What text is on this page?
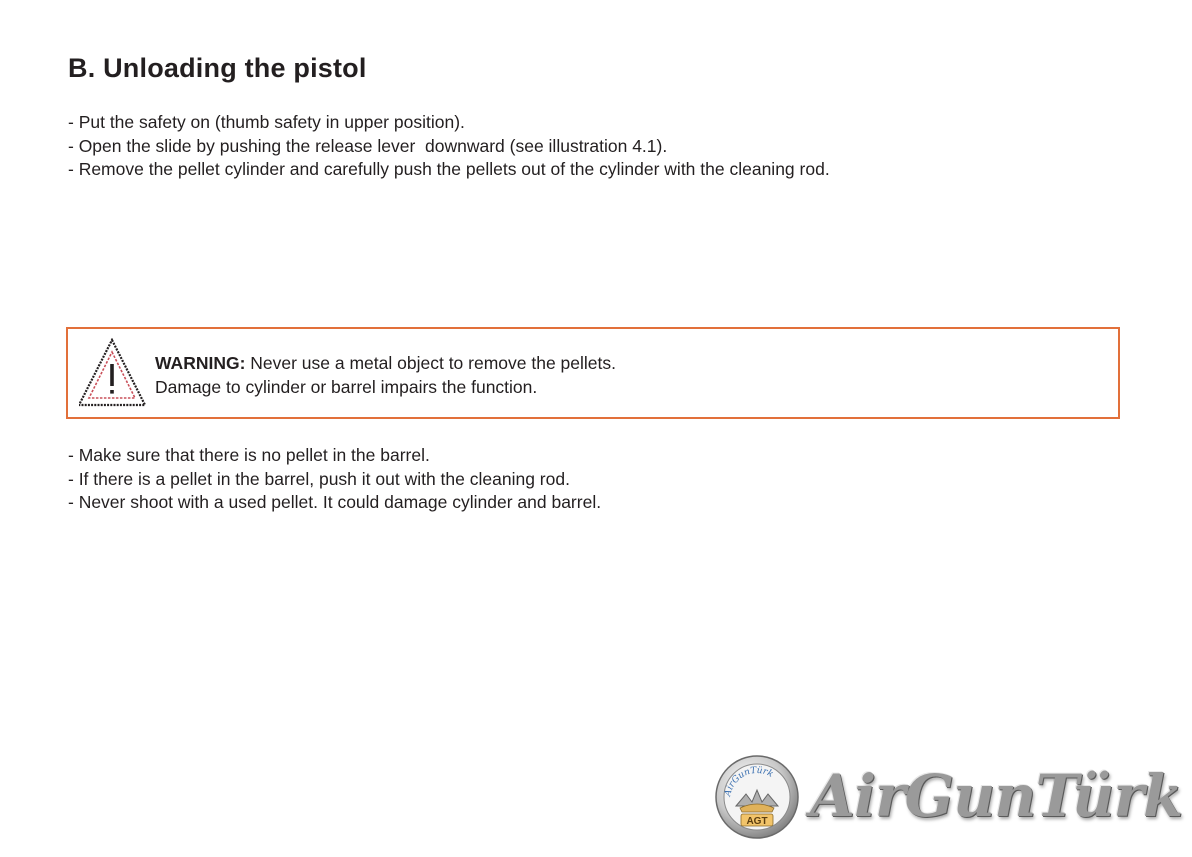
B. Unloading the pistol
- Put the safety on (thumb safety in upper position).
- Open the slide by pushing the release lever  downward (see illustration 4.1).
- Remove the pellet cylinder and carefully push the pellets out of the cylinder with the cleaning rod.
WARNING: Never use a metal object to remove the pellets.
Damage to cylinder or barrel impairs the function.
- Make sure that there is no pellet in the barrel.
- If there is a pellet in the barrel, push it out with the cleaning rod.
- Never shoot with a used pellet. It could damage cylinder and barrel.
AirGunTürk
AGT AirGunTürk
